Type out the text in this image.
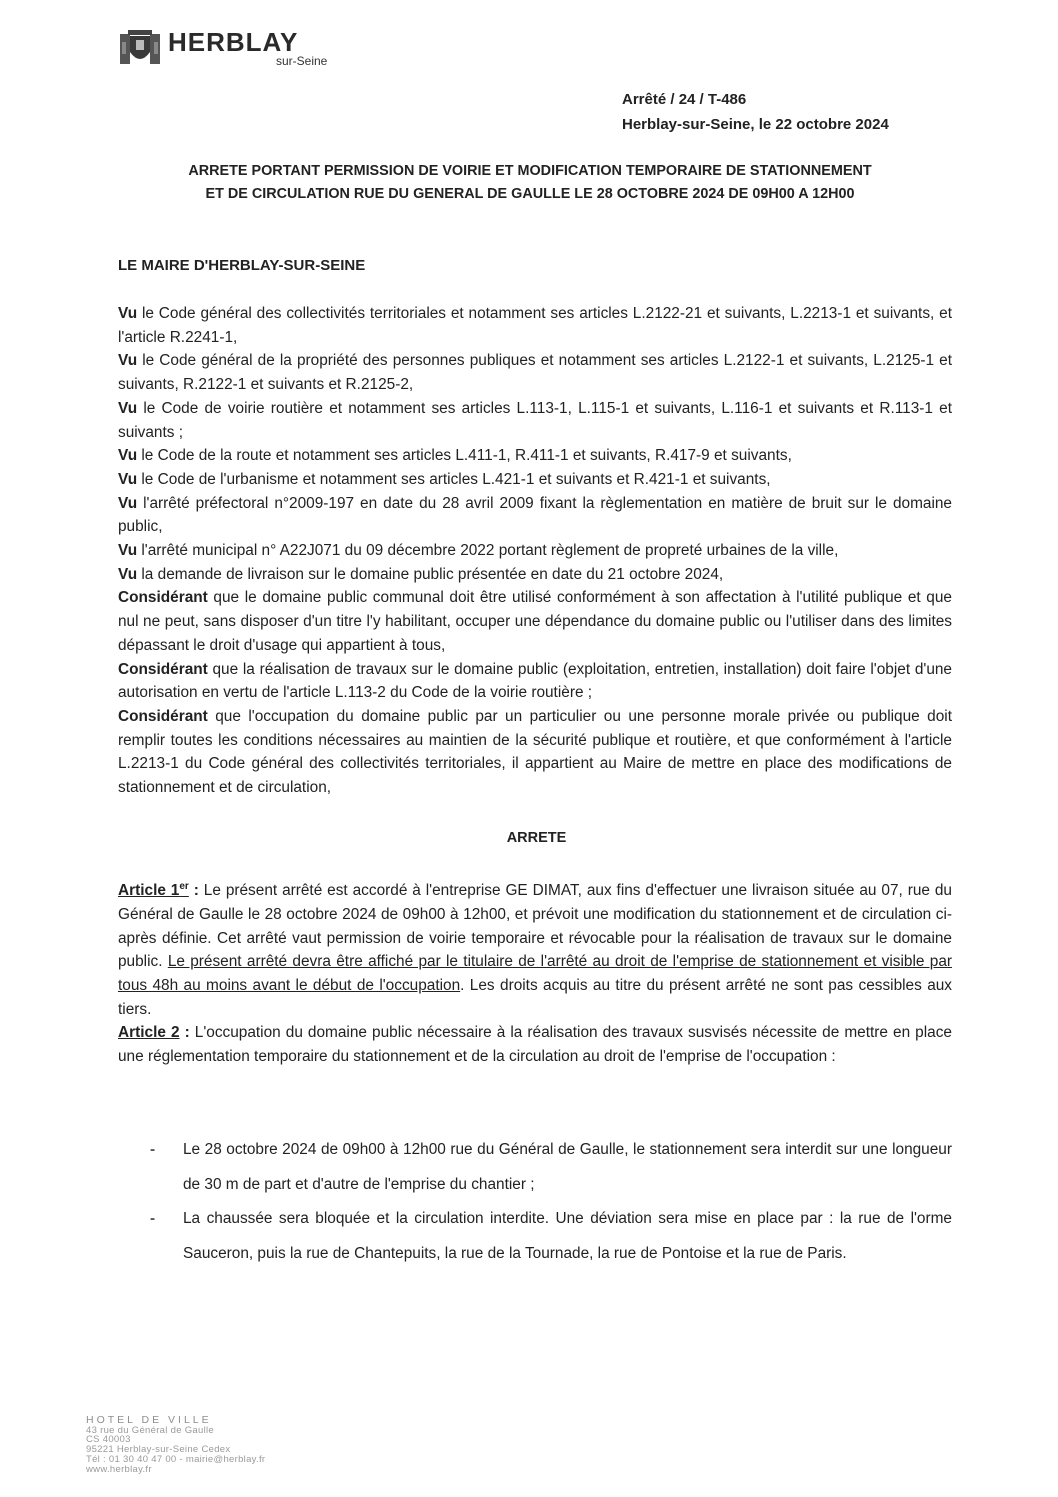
HERBLAY
sur-Seine
Arrêté / 24 / T-486
Herblay-sur-Seine, le 22 octobre 2024
ARRETE PORTANT PERMISSION DE VOIRIE ET MODIFICATION TEMPORAIRE DE STATIONNEMENT
ET DE CIRCULATION RUE DU GENERAL DE GAULLE LE 28 OCTOBRE 2024 DE 09H00 A 12H00
LE MAIRE D'HERBLAY-SUR-SEINE

Vu le Code général des collectivités territoriales et notamment ses articles L.2122-21 et suivants, L.2213-1 et suivants, et l'article R.2241-1,

Vu le Code général de la propriété des personnes publiques et notamment ses articles L.2122-1 et suivants, L.2125-1 et suivants, R.2122-1 et suivants et R.2125-2,

Vu le Code de voirie routière et notamment ses articles L.113-1, L.115-1 et suivants, L.116-1 et suivants et R.113-1 et suivants ;

Vu le Code de la route et notamment ses articles L.411-1, R.411-1 et suivants, R.417-9 et suivants,

Vu le Code de l'urbanisme et notamment ses articles L.421-1 et suivants et R.421-1 et suivants,

Vu l'arrêté préfectoral n°2009-197 en date du 28 avril 2009 fixant la règlementation en matière de bruit sur le domaine public,

Vu l'arrêté municipal n° A22J071 du 09 décembre 2022 portant règlement de propreté urbaines de la ville,

Vu la demande de livraison sur le domaine public présentée en date du 21 octobre 2024,

Considérant que le domaine public communal doit être utilisé conformément à son affectation à l'utilité publique et que nul ne peut, sans disposer d'un titre l'y habilitant, occuper une dépendance du domaine public ou l'utiliser dans des limites dépassant le droit d'usage qui appartient à tous,

Considérant que la réalisation de travaux sur le domaine public (exploitation, entretien, installation) doit faire l'objet d'une autorisation en vertu de l'article L.113-2 du Code de la voirie routière ;

Considérant que l'occupation du domaine public par un particulier ou une personne morale privée ou publique doit remplir toutes les conditions nécessaires au maintien de la sécurité publique et routière, et que conformément à l'article L.2213-1 du Code général des collectivités territoriales, il appartient au Maire de mettre en place des modifications de stationnement et de circulation,

ARRETE

Article 1er : Le présent arrêté est accordé à l'entreprise GE DIMAT, aux fins d'effectuer une livraison située au 07, rue du Général de Gaulle le 28 octobre 2024 de 09h00 à 12h00, et prévoit une modification du stationnement et de circulation ci-après définie. Cet arrêté vaut permission de voirie temporaire et révocable pour la réalisation de travaux sur le domaine public. Le présent arrêté devra être affiché par le titulaire de l'arrêté au droit de l'emprise de stationnement et visible par tous 48h au moins avant le début de l'occupation. Les droits acquis au titre du présent arrêté ne sont pas cessibles aux tiers.

Article 2 : L'occupation du domaine public nécessaire à la réalisation des travaux susvisés nécessite de mettre en place une réglementation temporaire du stationnement et de la circulation au droit de l'emprise de l'occupation :

-	Le 28 octobre 2024 de 09h00 à 12h00 rue du Général de Gaulle, le stationnement sera interdit sur une longueur de 30 m de part et d'autre de l'emprise du chantier ;
-	La chaussée sera bloquée et la circulation interdite. Une déviation sera mise en place par : la rue de l'orme Sauceron, puis la rue de Chantepuits, la rue de la Tournade, la rue de Pontoise et la rue de Paris.
HOTEL DE VILLE
43 rue du Général de Gaulle
CS 40003
95221 Herblay-sur-Seine Cedex
Tél : 01 30 40 47 00 - mairie@herblay.fr
www.herblay.fr
